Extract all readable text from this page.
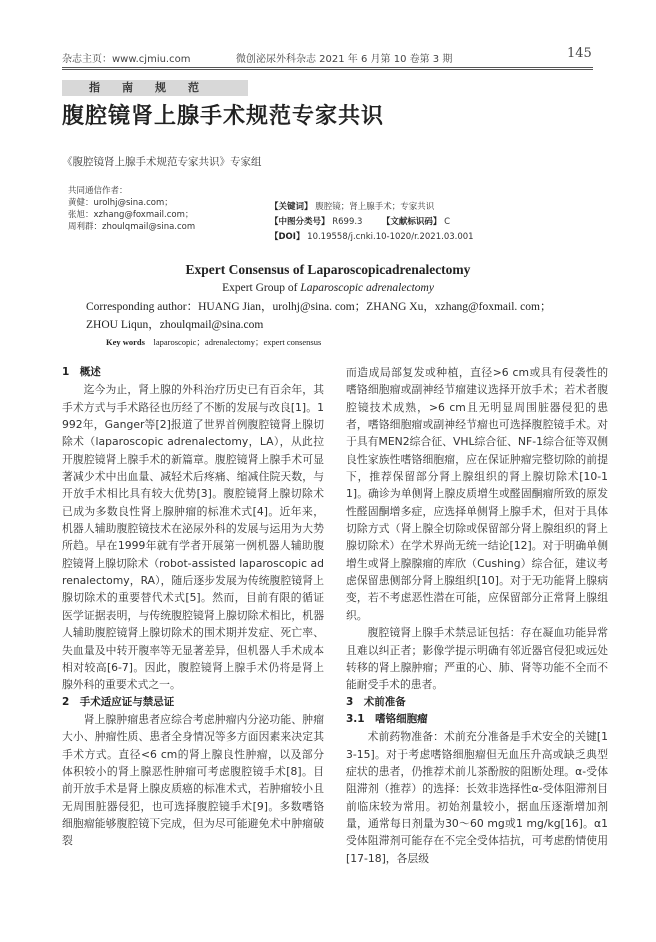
杂志主页：www.cjmiu.com	微创泌尿外科杂志 2021 年 6 月第 10 卷第 3 期	145
指南规范
腹腔镜肾上腺手术规范专家共识
《腹腔镜肾上腺手术规范专家共识》专家组
共同通信作者：
黄健：urolhj@sina.com；
张旭：xzhang@foxmail.com；
周利群：zhoulqmail@sina.com
【关键词】 腹腔镜；肾上腺手术；专家共识
【中图分类号】 R699.3 【文献标识码】 C
【DOI】 10.19558/j.cnki.10-1020/r.2021.03.001
Expert Consensus of Laparoscopicadrenalectomy
Expert Group of Laparoscopic adrenalectomy
Corresponding author：HUANG Jian，urolhj@sina. com；ZHANG Xu，xzhang@foxmail. com；
ZHOU Liqun，zhoulqmail@sina.com
Key words laparoscopic；adrenalectomy；expert consensus
1　概述

迄今为止，肾上腺的外科治疗历史已有百余年，其手术方式与手术路径也历经了不断的发展与改良[1]。1992年，Ganger等[2]报道了世界首例腹腔镜肾上腺切除术（laparoscopic adrenalectomy，LA），从此拉开腹腔镜肾上腺手术的新篇章。腹腔镜肾上腺手术可显著减少术中出血量、减轻术后疼痛、缩减住院天数，与开放手术相比具有较大优势[3]。腹腔镜肾上腺切除术已成为多数良性肾上腺肿瘤的标准术式[4]。近年来，机器人辅助腹腔镜技术在泌尿外科的发展与运用为大势所趋。早在1999年就有学者开展第一例机器人辅助腹腔镜肾上腺切除术（robot-assisted laparoscopic adrenalectomy，RA），随后逐步发展为传统腹腔镜肾上腺切除术的重要替代术式[5]。然而，目前有限的循证医学证据表明，与传统腹腔镜肾上腺切除术相比，机器人辅助腹腔镜肾上腺切除术的围术期并发症、死亡率、失血量及中转开腹率等无显著差异，但机器人手术成本相对较高[6-7]。因此，腹腔镜肾上腺手术仍将是肾上腺外科的重要术式之一。

2　手术适应证与禁忌证

肾上腺肿瘤患者应综合考虑肿瘤内分泌功能、肿瘤大小、肿瘤性质、患者全身情况等多方面因素来决定其手术方式。直径<6 cm的肾上腺良性肿瘤，以及部分体积较小的肾上腺恶性肿瘤可考虑腹腔镜手术[8]。目前开放手术是肾上腺皮质癌的标准术式，若肿瘤较小且无周围脏器侵犯，也可选择腹腔镜手术[9]。多数嗜铬细胞瘤能够腹腔镜下完成，但为尽可能避免术中肿瘤破裂

而造成局部复发或种植，直径>6 cm或具有侵袭性的嗜铬细胞瘤或副神经节瘤建议选择开放手术；若术者腹腔镜技术成熟，>6 cm且无明显周围脏器侵犯的患者，嗜铬细胞瘤或副神经节瘤也可选择腹腔镜手术。对于具有MEN2综合征、VHL综合征、NF-1综合征等双侧良性家族性嗜铬细胞瘤，应在保证肿瘤完整切除的前提下，推荐保留部分肾上腺组织的肾上腺切除术[10-11]。确诊为单侧肾上腺皮质增生或醛固酮瘤所致的原发性醛固酮增多症，应选择单侧肾上腺手术，但对于具体切除方式（肾上腺全切除或保留部分肾上腺组织的肾上腺切除术）在学术界尚无统一结论[12]。对于明确单侧增生或肾上腺腺瘤的库欣（Cushing）综合征，建议考虑保留患侧部分肾上腺组织[10]。对于无功能肾上腺病变，若不考虑恶性潜在可能，应保留部分正常肾上腺组织。

腹腔镜肾上腺手术禁忌证包括：存在凝血功能异常且难以纠正者；影像学提示明确有邻近器官侵犯或远处转移的肾上腺肿瘤；严重的心、肺、肾等功能不全而不能耐受手术的患者。

3　术前准备
3.1　嗜铬细胞瘤

术前药物准备：术前充分准备是手术安全的关键[13-15]。对于考虑嗜铬细胞瘤但无血压升高或缺乏典型症状的患者，仍推荐术前儿茶酚胺的阻断处理。α-受体阻滞剂（推荐）的选择：长效非选择性α-受体阻滞剂目前临床较为常用。初始剂量较小，据血压逐渐增加剂量，通常每日剂量为30～60 mg或1 mg/kg[16]。α1受体阻滞剂可能存在不完全受体拮抗，可考虑酌情使用[17-18]，各层级
